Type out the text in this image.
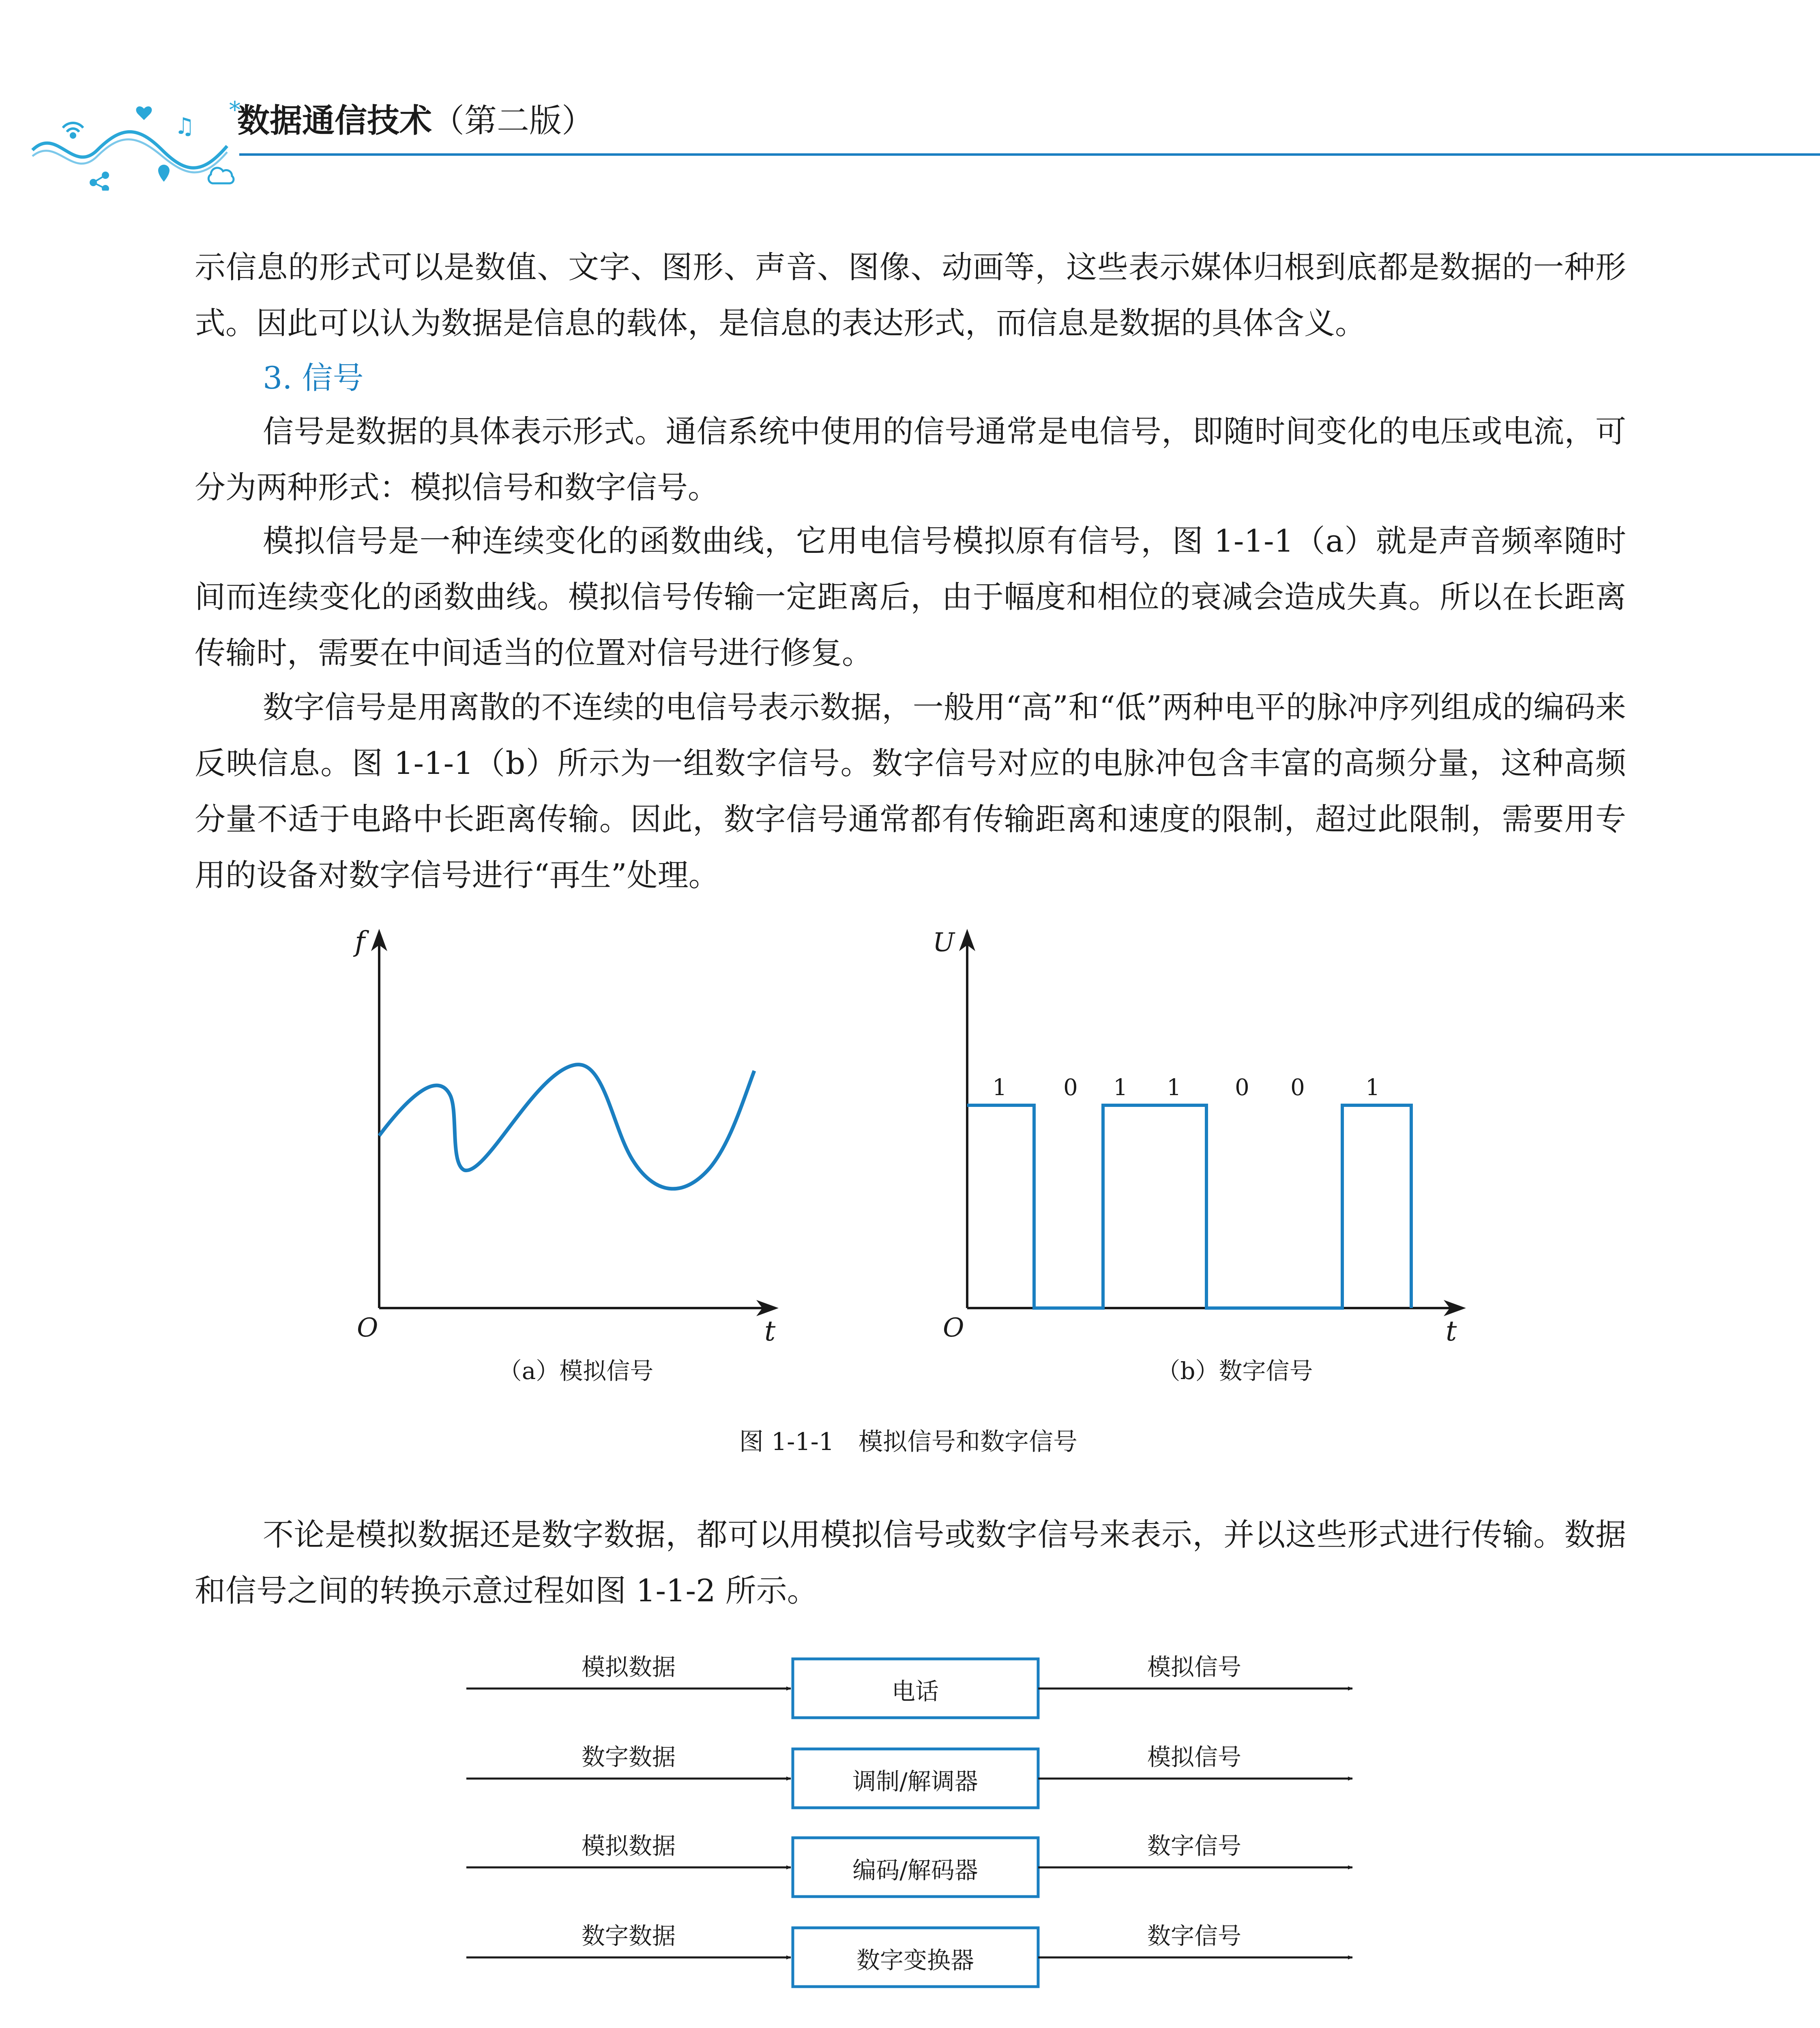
♫
*
数据通信技术（第二版）

示信息的形式可以是数值、文字、图形、声音、图像、动画等，这些表示媒体归根到底都是数据的一种形式。因此可以认为数据是信息的载体，是信息的表达形式，而信息是数据的具体含义。

3. 信号

信号是数据的具体表示形式。通信系统中使用的信号通常是电信号，即随时间变化的电压或电流，可分为两种形式：模拟信号和数字信号。

模拟信号是一种连续变化的函数曲线，它用电信号模拟原有信号，图 1-1-1（a）就是声音频率随时间而连续变化的函数曲线。模拟信号传输一定距离后，由于幅度和相位的衰减会造成失真。所以在长距离传输时，需要在中间适当的位置对信号进行修复。

数字信号是用离散的不连续的电信号表示数据，一般用“高”和“低”两种电平的脉冲序列组成的编码来反映信息。图 1-1-1（b）所示为一组数字信号。数字信号对应的电脉冲包含丰富的高频分量，这种高频分量不适于电路中长距离传输。因此，数字信号通常都有传输距离和速度的限制，超过此限制，需要用专用的设备对数字信号进行“再生”处理。

f
t
O
（a）模拟信号
U
t
O
1 0 1 1 0 0	1
（b）数字信号
图 1-1-1　模拟信号和数字信号

不论是模拟数据还是数字数据，都可以用模拟信号或数字信号来表示，并以这些形式进行传输。数据和信号之间的转换示意过程如图 1-1-2 所示。

模拟数据
电话
模拟信号
数字数据
调制/解调器
模拟信号
模拟数据
编码/解码器
数字信号
数字数据
数字变换器
数字信号
